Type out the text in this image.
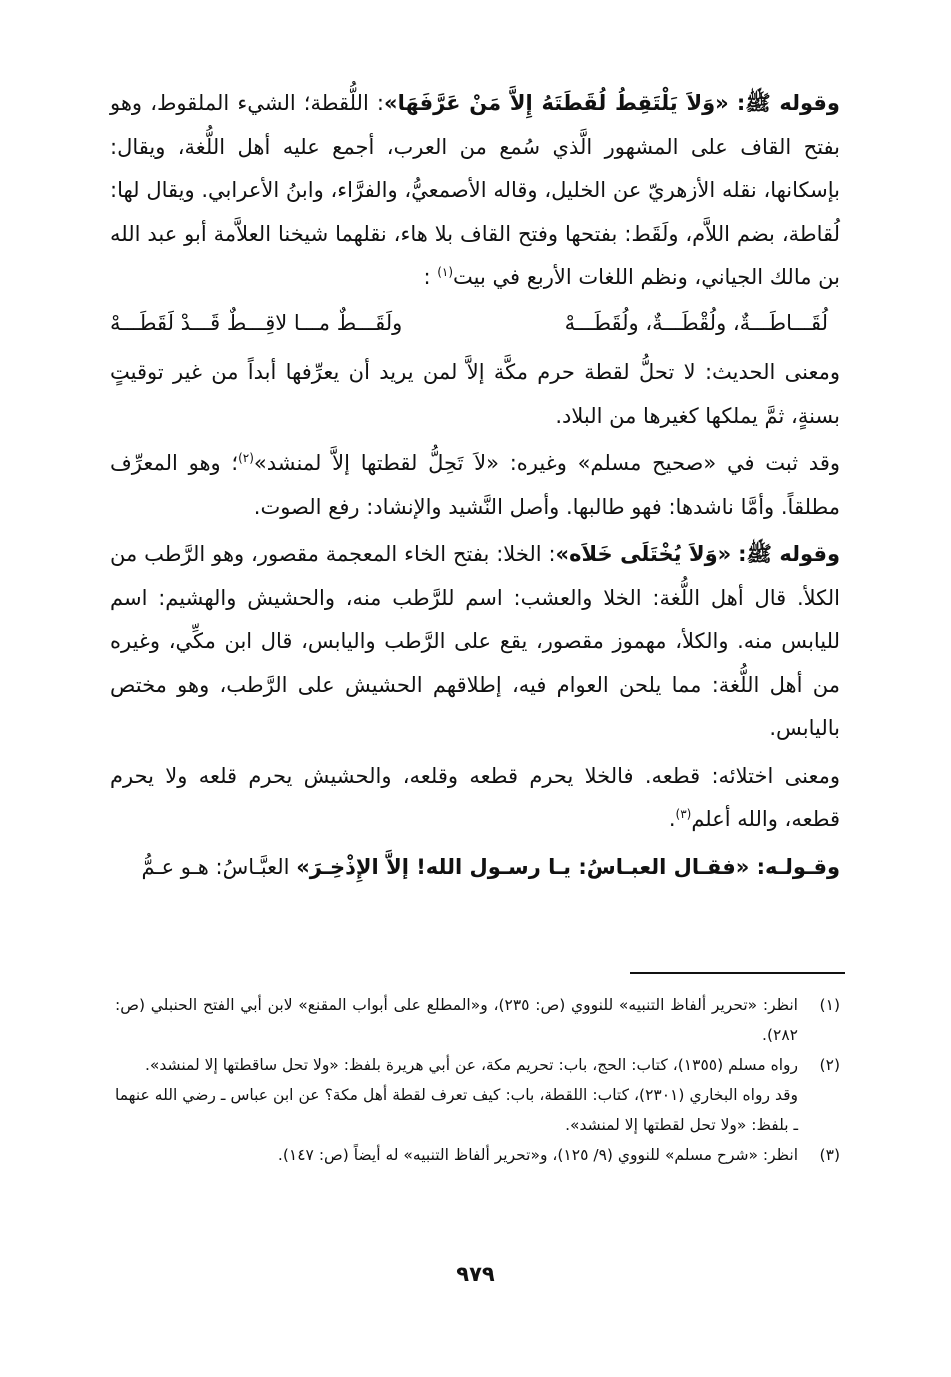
وقوله ﷺ: «وَلاَ يَلْتَقِطُ لُقَطَتَهُ إِلاَّ مَنْ عَرَّفَهَا»: اللُّقطة؛ الشيء الملقوط، وهو بفتح القاف على المشهور الَّذي سُمع من العرب، أجمع عليه أهل اللُّغة، ويقال: بإسكانها، نقله الأزهريّ عن الخليل، وقاله الأصمعيُّ، والفرَّاء، وابنُ الأعرابي. ويقال لها: لُقاطة، بضم اللاَّم، ولَقَط: بفتحها وفتح القاف بلا هاء، نقلهما شيخنا العلاَّمة أبو عبد الله بن مالك الجياني، ونظم اللغات الأربع في بيت$^{(١)}$ :

لُقَـــاطَـــةٌ، ولُقْطَـــةٌ، ولُقَطَـــهْ
ولَقَـــطٌ مـــا لاقِـــطٌ قَـــدْ لَقَطَـــهْ

ومعنى الحديث: لا تحلُّ لقطة حرم مكَّة إلاَّ لمن يريد أن يعرِّفها أبداً من غير توقيتٍ بسنةٍ، ثمَّ يملكها كغيرها من البلاد.

وقد ثبت في «صحيح مسلم» وغيره: «لاَ تَحِلُّ لقطتها إلاَّ لمنشد»$^{(٢)}$؛ وهو المعرِّف مطلقاً. وأمَّا ناشدها: فهو طالبها. وأصل النَّشيد والإنشاد: رفع الصوت.

وقوله ﷺ: «وَلاَ يُخْتَلَى خَلاَه»: الخلا: بفتح الخاء المعجمة مقصور، وهو الرَّطب من الكلأ. قال أهل اللُّغة: الخلا والعشب: اسم للرَّطب منه، والحشيش والهشيم: اسم لليابس منه. والكلأ، مهموز مقصور، يقع على الرَّطب واليابس، قال ابن مكِّي، وغيره من أهل اللُّغة: مما يلحن العوام فيه، إطلاقهم الحشيش على الرَّطب، وهو مختص باليابس.

ومعنى اختلائه: قطعه. فالخلا يحرم قطعه وقلعه، والحشيش يحرم قلعه ولا يحرم قطعه، والله أعلم$^{(٣)}$.

وقـولـه: «فقـال العبـاسُ: يـا رسـول الله! إلاَّ الإِذْخِـرَ» العبَّـاسُ: هـو عـمُّ

(١)
انظر: «تحرير ألفاظ التنبيه» للنووي (ص: ٢٣٥)، و«المطلع على أبواب المقنع» لابن أبي الفتح الحنبلي (ص: ٢٨٢).
(٢)
رواه مسلم (١٣٥٥)، كتاب: الحج، باب: تحريم مكة، عن أبي هريرة بلفظ: «ولا تحل ساقطتها إلا لمنشد».
وقد رواه البخاري (٢٣٠١)، كتاب: اللقطة، باب: كيف تعرف لقطة أهل مكة؟ عن ابن عباس ـ رضي الله عنهما ـ بلفظ: «ولا تحل لقطتها إلا لمنشد».
(٣)
انظر: «شرح مسلم» للنووي (٩/ ١٢٥)، و«تحرير ألفاظ التنبيه» له أيضاً (ص: ١٤٧).
٩٧٩
